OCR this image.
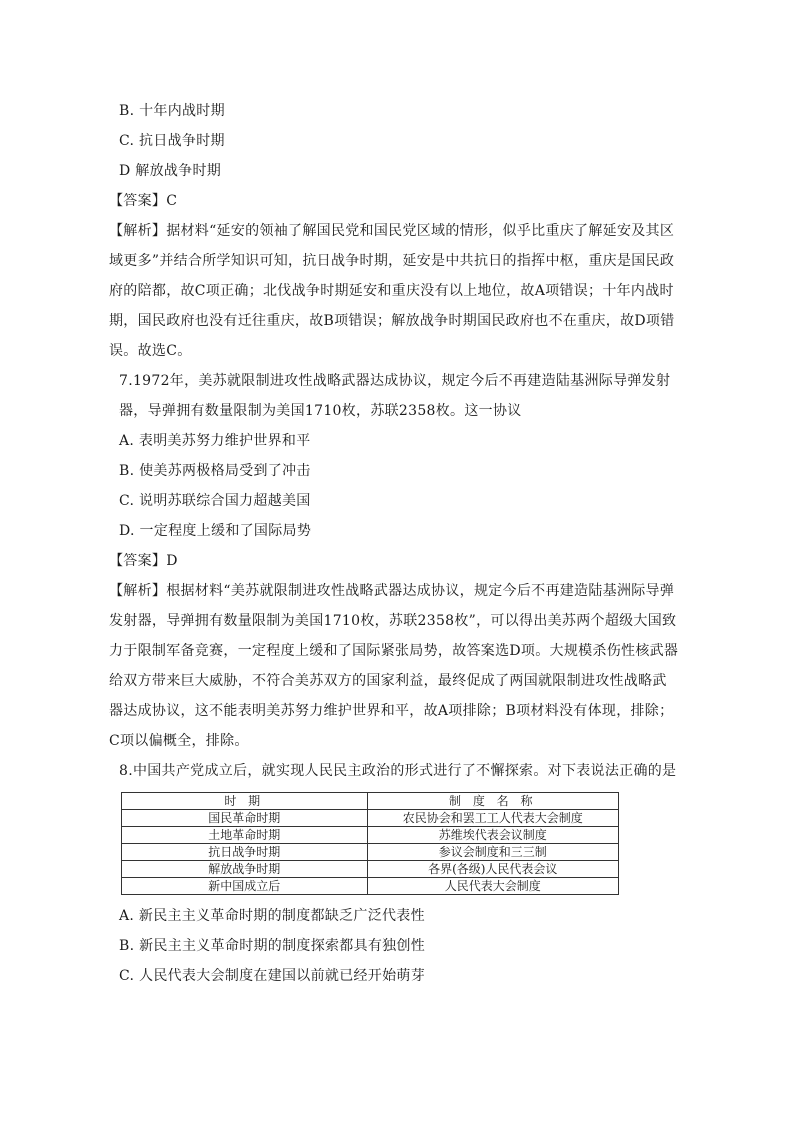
B. 十年内战时期
C. 抗日战争时期
D 解放战争时期
【答案】C
【解析】据材料“延安的领袖了解国民党和国民党区域的情形，似乎比重庆了解延安及其区域更多”并结合所学知识可知，抗日战争时期，延安是中共抗日的指挥中枢，重庆是国民政府的陪都，故C项正确；北伐战争时期延安和重庆没有以上地位，故A项错误；十年内战时期，国民政府也没有迁往重庆，故B项错误；解放战争时期国民政府也不在重庆，故D项错误。故选C。
7.1972年，美苏就限制进攻性战略武器达成协议，规定今后不再建造陆基洲际导弹发射器，导弹拥有数量限制为美国1710枚，苏联2358枚。这一协议
A. 表明美苏努力维护世界和平
B. 使美苏两极格局受到了冲击
C. 说明苏联综合国力超越美国
D. 一定程度上缓和了国际局势
【答案】D
【解析】根据材料“美苏就限制进攻性战略武器达成协议，规定今后不再建造陆基洲际导弹发射器，导弹拥有数量限制为美国1710枚，苏联2358枚”，可以得出美苏两个超级大国致力于限制军备竞赛，一定程度上缓和了国际紧张局势，故答案选D项。大规模杀伤性核武器给双方带来巨大威胁，不符合美苏双方的国家利益，最终促成了两国就限制进攻性战略武器达成协议，这不能表明美苏努力维护世界和平，故A项排除；B项材料没有体现，排除；C项以偏概全，排除。
8.中国共产党成立后，就实现人民民主政治的形式进行了不懈探索。对下表说法正确的是
时 期	制 度 名 称
国民革命时期	农民协会和罢工工人代表大会制度
土地革命时期	苏维埃代表会议制度
抗日战争时期	参议会制度和三三制
解放战争时期	各界(各级)人民代表会议
新中国成立后	人民代表大会制度
A. 新民主主义革命时期的制度都缺乏广泛代表性
B. 新民主主义革命时期的制度探索都具有独创性
C. 人民代表大会制度在建国以前就已经开始萌芽
